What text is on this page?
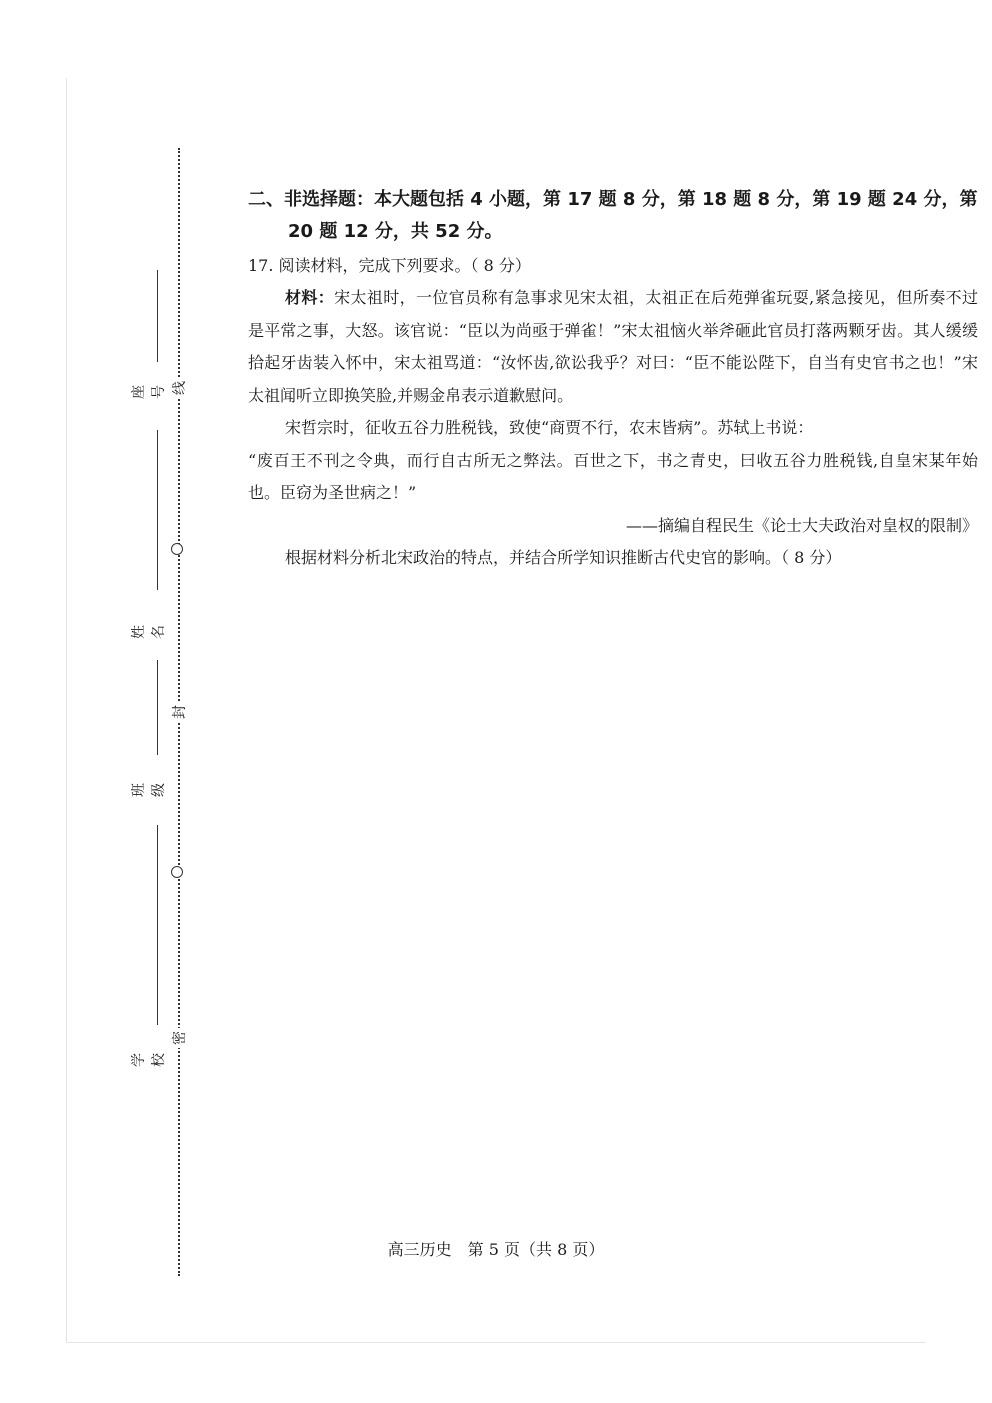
线
封
密
座号
姓名
班级
学校

二、非选择题：本大题包括 4 小题，第 17 题 8 分，第 18 题 8 分，第 19 题 24 分，第 20 题 12 分，共 52 分。

17. 阅读材料，完成下列要求。（ 8 分）

材料：宋太祖时，一位官员称有急事求见宋太祖，太祖正在后苑弹雀玩耍,紧急接见，但所奏不过是平常之事，大怒。该官说：“臣以为尚亟于弹雀！”宋太祖恼火举斧砸此官员打落两颗牙齿。其人缓缓拾起牙齿装入怀中，宋太祖骂道：“汝怀齿,欲讼我乎？对曰：“臣不能讼陛下，自当有史官书之也！”宋太祖闻听立即换笑脸,并赐金帛表示道歉慰问。

宋哲宗时，征收五谷力胜税钱，致使“商贾不行，农末皆病”。苏轼上书说：

“废百王不刊之令典，而行自古所无之弊法。百世之下，书之青史，曰收五谷力胜税钱,自皇宋某年始也。臣窃为圣世病之！”

——摘编自程民生《论士大夫政治对皇权的限制》

根据材料分析北宋政治的特点，并结合所学知识推断古代史官的影响。（ 8 分）

高三历史　第 5 页（共 8 页）
